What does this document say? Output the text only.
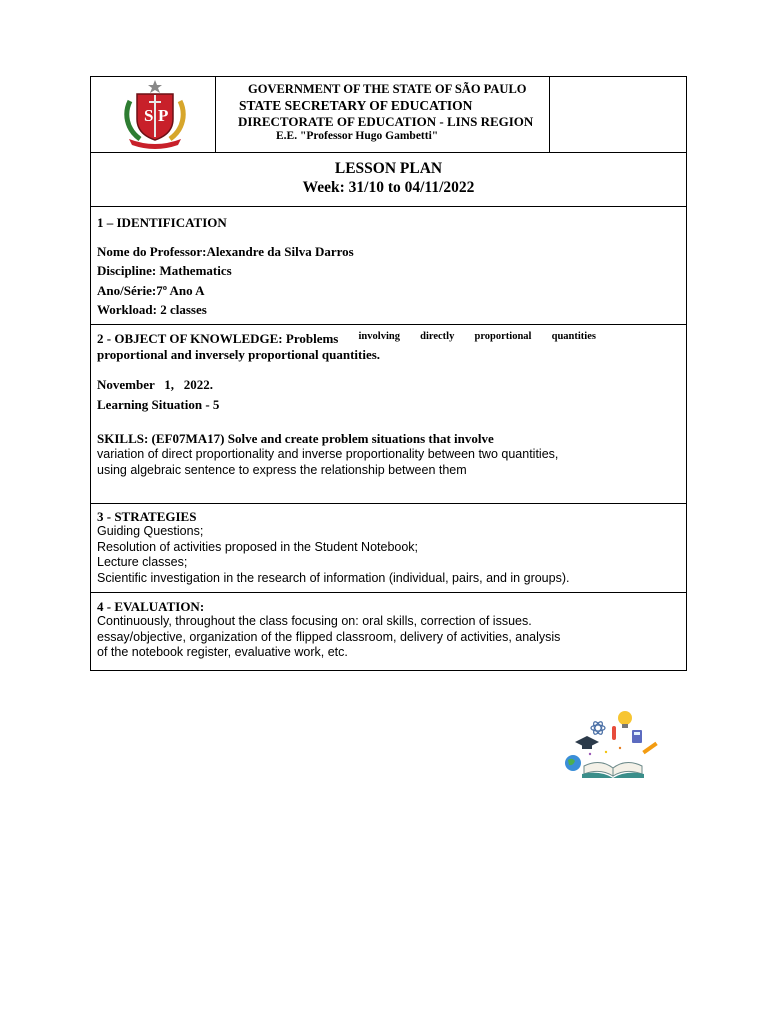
S P
GOVERNMENT OF THE STATE OF SÃO PAULO
STATE SECRETARY OF EDUCATION
DIRECTORATE OF EDUCATION - LINS REGION
E.E. "Professor Hugo Gambetti"
LESSON PLAN
Week: 31/10 to 04/11/2022
1 – IDENTIFICATION
Nome do Professor:Alexandre da Silva Darros
Discipline: Mathematics
Ano/Série:7º Ano A
Workload: 2 classes
2 - OBJECT OF KNOWLEDGE: Problems involving directly proportional quantities
proportional and inversely proportional quantities.
November   1,   2022.
Learning Situation - 5
SKILLS: (EF07MA17) Solve and create problem situations that involve
variation of direct proportionality and inverse proportionality between two quantities,
using algebraic sentence to express the relationship between them
3 - STRATEGIES
Guiding Questions;
Resolution of activities proposed in the Student Notebook;
Lecture classes;
Scientific investigation in the research of information (individual, pairs, and in groups).
4 - EVALUATION:
Continuously, throughout the class focusing on: oral skills, correction of issues.
essay/objective, organization of the flipped classroom, delivery of activities, analysis
of the notebook register, evaluative work, etc.
